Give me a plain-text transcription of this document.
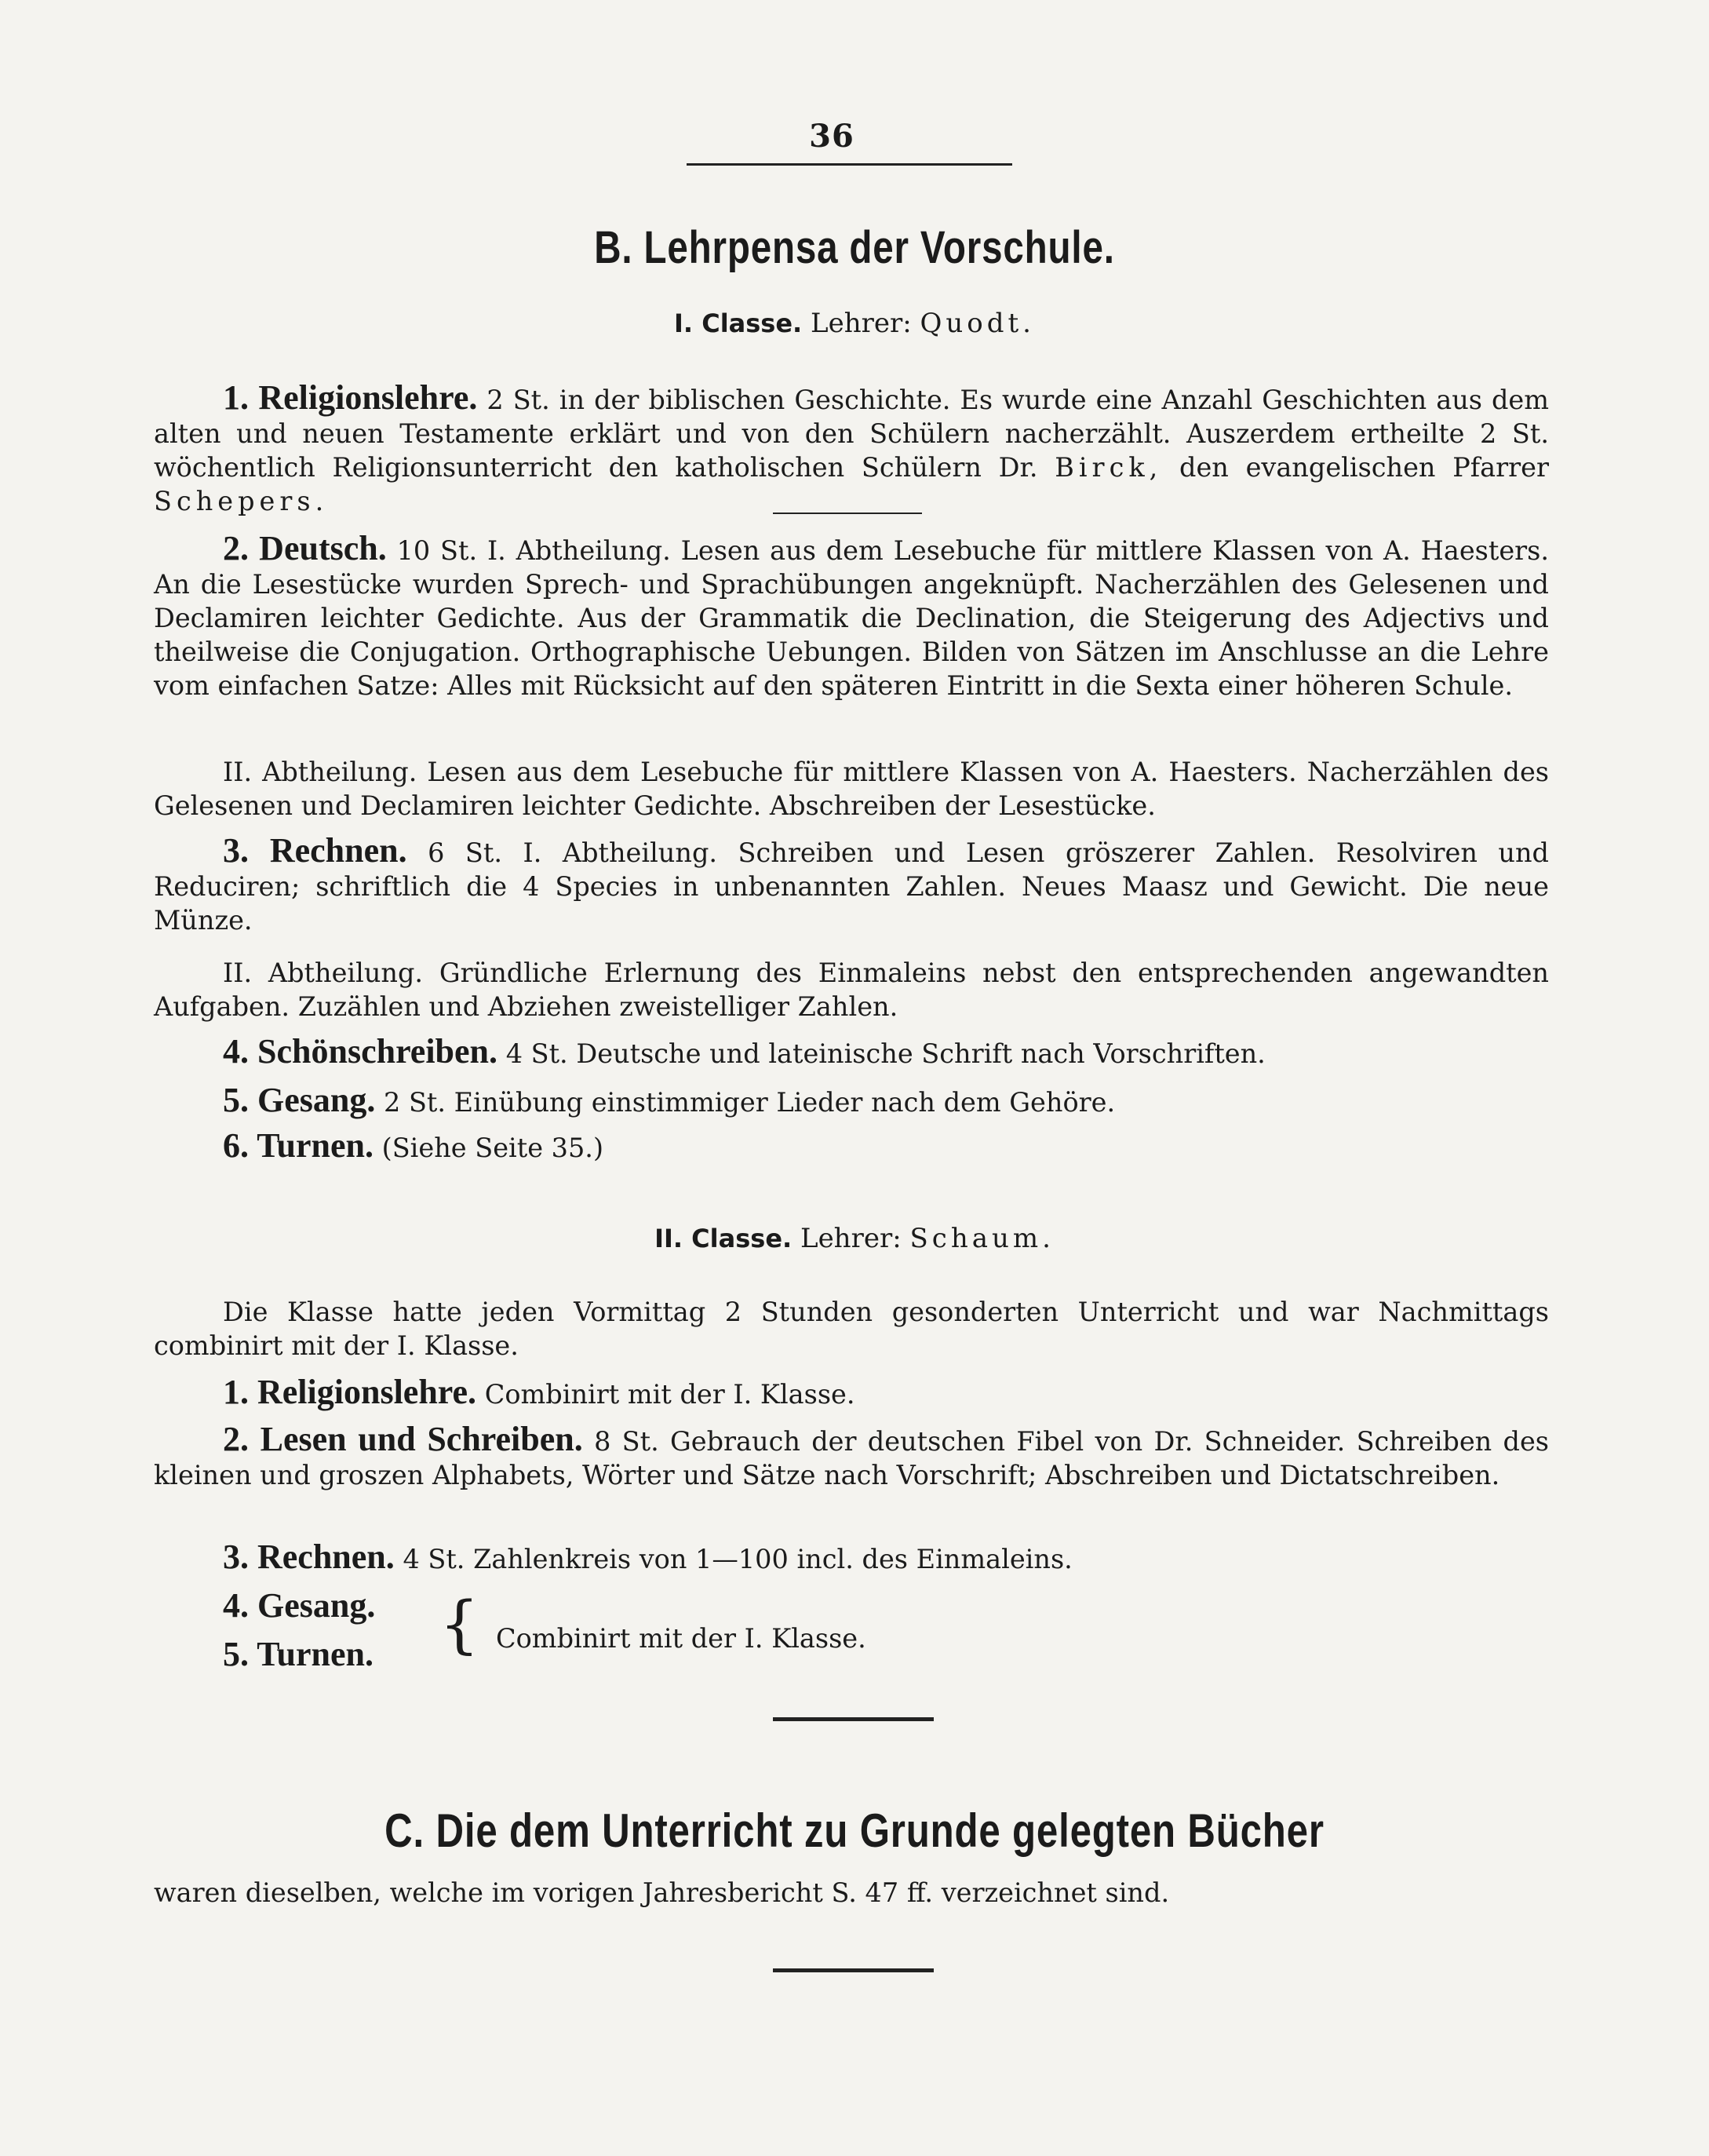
36
B. Lehrpensa der Vorschule.
I. Classe. Lehrer: Quodt.

1. Religionslehre. 2 St. in der biblischen Geschichte. Es wurde eine Anzahl Geschichten aus dem alten und neuen Testamente erklärt und von den Schülern nacherzählt. Auszerdem ertheilte 2 St. wöchentlich Religionsunterricht den katholischen Schülern Dr. Birck, den evangelischen Pfarrer Schepers.

2. Deutsch. 10 St. I. Abtheilung. Lesen aus dem Lesebuche für mittlere Klassen von A. Haesters. An die Lesestücke wurden Sprech- und Sprachübungen angeknüpft. Nacherzählen des Gelesenen und Declamiren leichter Gedichte. Aus der Grammatik die Declination, die Steigerung des Adjectivs und theilweise die Conjugation. Orthographische Uebungen. Bilden von Sätzen im Anschlusse an die Lehre vom einfachen Satze: Alles mit Rücksicht auf den späteren Eintritt in die Sexta einer höheren Schule.

II. Abtheilung. Lesen aus dem Lesebuche für mittlere Klassen von A. Haesters. Nacherzählen des Gelesenen und Declamiren leichter Gedichte. Abschreiben der Lesestücke.

3. Rechnen. 6 St. I. Abtheilung. Schreiben und Lesen gröszerer Zahlen. Resolviren und Reduciren; schriftlich die 4 Species in unbenannten Zahlen. Neues Maasz und Gewicht. Die neue Münze.

II. Abtheilung. Gründliche Erlernung des Einmaleins nebst den entsprechenden angewandten Aufgaben. Zuzählen und Abziehen zweistelliger Zahlen.

4. Schönschreiben. 4 St. Deutsche und lateinische Schrift nach Vorschriften.
5. Gesang. 2 St. Einübung einstimmiger Lieder nach dem Gehöre.
6. Turnen. (Siehe Seite 35.)
II. Classe. Lehrer: Schaum.

Die Klasse hatte jeden Vormittag 2 Stunden gesonderten Unterricht und war Nachmittags combinirt mit der I. Klasse.

1. Religionslehre. Combinirt mit der I. Klasse.

2. Lesen und Schreiben. 8 St. Gebrauch der deutschen Fibel von Dr. Schneider. Schreiben des kleinen und groszen Alphabets, Wörter und Sätze nach Vorschrift; Abschreiben und Dictatschreiben.

3. Rechnen. 4 St. Zahlenkreis von 1—100 incl. des Einmaleins.
4. Gesang.
5. Turnen. { Combinirt mit der I. Klasse.
C. Die dem Unterricht zu Grunde gelegten Bücher
waren dieselben, welche im vorigen Jahresbericht S. 47 ff. verzeichnet sind.
